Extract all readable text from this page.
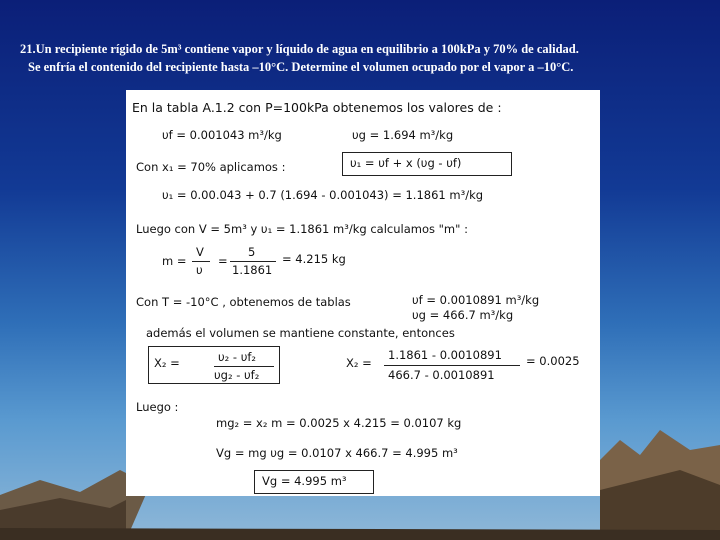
21.Un recipiente rígido de 5m³ contiene vapor y líquido de agua en equilibrio a 100kPa y 70% de calidad.
Se enfría el contenido del recipiente hasta –10°C. Determine el volumen ocupado por el vapor a –10°C.
En la tabla A.1.2 con P=100kPa obtenemos los valores de :
υf = 0.001043 m³/kg	υg = 1.694 m³/kg
Con x₁ = 70% aplicamos :	υ₁ = υf + x (υg - υf)
υ₁ = 0.00.043 + 0.7 (1.694 - 0.001043) = 1.1861 m³/kg
Luego con V = 5m³ y υ₁ = 1.1861 m³/kg calculamos "m" :
m =
V
υ
=
5
1.1861
= 4.215 kg
Con T = -10°C , obtenemos de tablas	υf = 0.0010891 m³/kg
υg = 466.7 m³/kg
además el volumen se mantiene constante, entonces
X₂ =	υ₂ - υf₂
υg₂ - υf₂
X₂ =
1.1861 - 0.0010891
466.7 - 0.0010891
= 0.0025
Luego :
mg₂ = x₂ m = 0.0025 x 4.215 = 0.0107 kg
Vg = mg υg = 0.0107 x 466.7 = 4.995 m³
Vg = 4.995 m³
